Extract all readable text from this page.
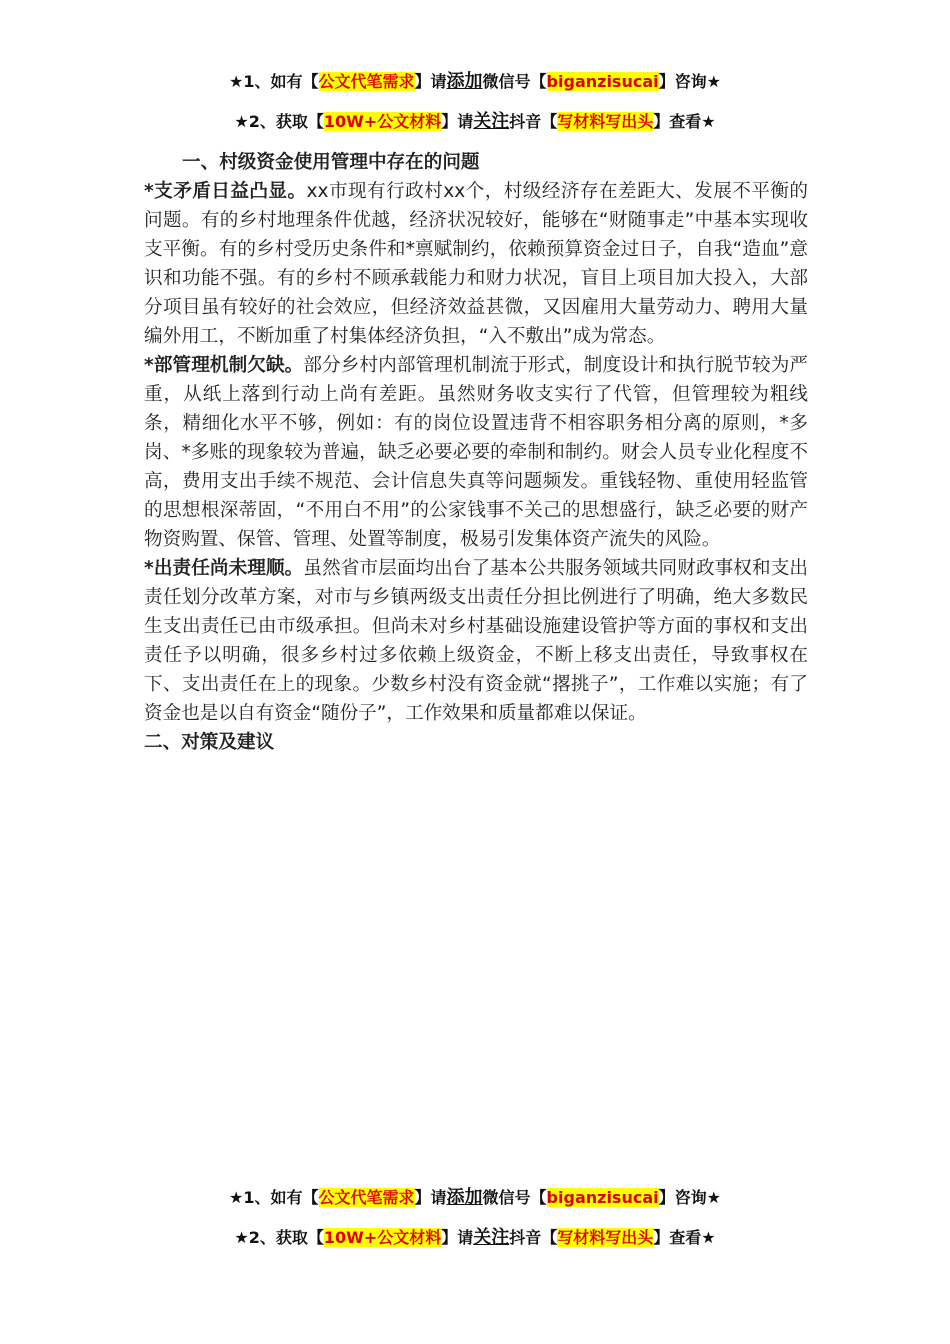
★1、如有【公文代笔需求】请添加微信号【biganzisucai】咨询★
★2、获取【10W+公文材料】请关注抖音【写材料写出头】查看★

一、村级资金使用管理中存在的问题

*支矛盾日益凸显。xx市现有行政村xx个，村级经济存在差距大、发展不平衡的问题。有的乡村地理条件优越，经济状况较好，能够在“财随事走”中基本实现收支平衡。有的乡村受历史条件和*禀赋制约，依赖预算资金过日子，自我“造血”意识和功能不强。有的乡村不顾承载能力和财力状况，盲目上项目加大投入，大部分项目虽有较好的社会效应，但经济效益甚微，又因雇用大量劳动力、聘用大量编外用工，不断加重了村集体经济负担，“入不敷出”成为常态。

*部管理机制欠缺。部分乡村内部管理机制流于形式，制度设计和执行脱节较为严重，从纸上落到行动上尚有差距。虽然财务收支实行了代管，但管理较为粗线条，精细化水平不够，例如：有的岗位设置违背不相容职务相分离的原则，*多岗、*多账的现象较为普遍，缺乏必要必要的牵制和制约。财会人员专业化程度不高，费用支出手续不规范、会计信息失真等问题频发。重钱轻物、重使用轻监管的思想根深蒂固，“不用白不用”的公家钱事不关己的思想盛行，缺乏必要的财产物资购置、保管、管理、处置等制度，极易引发集体资产流失的风险。

*出责任尚未理顺。虽然省市层面均出台了基本公共服务领域共同财政事权和支出责任划分改革方案，对市与乡镇两级支出责任分担比例进行了明确，绝大多数民生支出责任已由市级承担。但尚未对乡村基础设施建设管护等方面的事权和支出责任予以明确，很多乡村过多依赖上级资金，不断上移支出责任，导致事权在下、支出责任在上的现象。少数乡村没有资金就“撂挑子”，工作难以实施；有了资金也是以自有资金“随份子”，工作效果和质量都难以保证。

二、对策及建议

★1、如有【公文代笔需求】请添加微信号【biganzisucai】咨询★
★2、获取【10W+公文材料】请关注抖音【写材料写出头】查看★
